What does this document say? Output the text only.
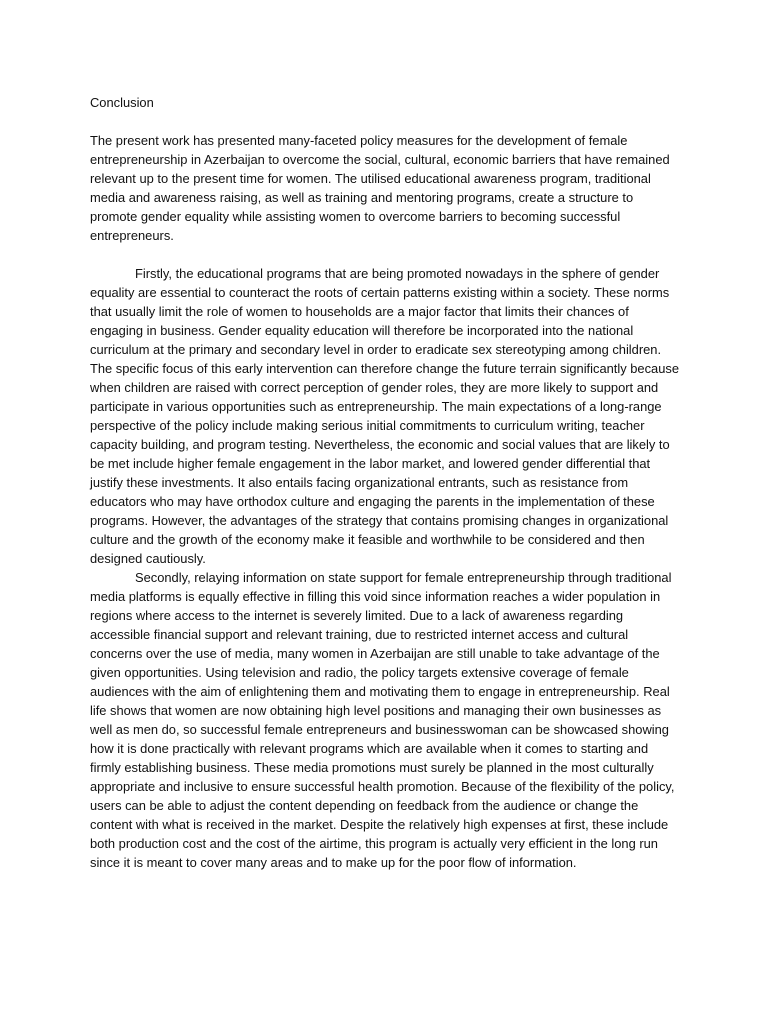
Conclusion

The present work has presented many-faceted policy measures for the development of female entrepreneurship in Azerbaijan to overcome the social, cultural, economic barriers that have remained relevant up to the present time for women. The utilised educational awareness program, traditional media and awareness raising, as well as training and mentoring programs, create a structure to promote gender equality while assisting women to overcome barriers to becoming successful entrepreneurs.

Firstly, the educational programs that are being promoted nowadays in the sphere of gender equality are essential to counteract the roots of certain patterns existing within a society. These norms that usually limit the role of women to households are a major factor that limits their chances of engaging in business. Gender equality education will therefore be incorporated into the national curriculum at the primary and secondary level in order to eradicate sex stereotyping among children. The specific focus of this early intervention can therefore change the future terrain significantly because when children are raised with correct perception of gender roles, they are more likely to support and participate in various opportunities such as entrepreneurship. The main expectations of a long-range perspective of the policy include making serious initial commitments to curriculum writing, teacher capacity building, and program testing. Nevertheless, the economic and social values that are likely to be met include higher female engagement in the labor market, and lowered gender differential that justify these investments. It also entails facing organizational entrants, such as resistance from educators who may have orthodox culture and engaging the parents in the implementation of these programs. However, the advantages of the strategy that contains promising changes in organizational culture and the growth of the economy make it feasible and worthwhile to be considered and then designed cautiously.

Secondly, relaying information on state support for female entrepreneurship through traditional media platforms is equally effective in filling this void since information reaches a wider population in regions where access to the internet is severely limited. Due to a lack of awareness regarding accessible financial support and relevant training, due to restricted internet access and cultural concerns over the use of media, many women in Azerbaijan are still unable to take advantage of the given opportunities. Using television and radio, the policy targets extensive coverage of female audiences with the aim of enlightening them and motivating them to engage in entrepreneurship. Real life shows that women are now obtaining high level positions and managing their own businesses as well as men do, so successful female entrepreneurs and businesswoman can be showcased showing how it is done practically with relevant programs which are available when it comes to starting and firmly establishing business. These media promotions must surely be planned in the most culturally appropriate and inclusive to ensure successful health promotion. Because of the flexibility of the policy, users can be able to adjust the content depending on feedback from the audience or change the content with what is received in the market. Despite the relatively high expenses at first, these include both production cost and the cost of the airtime, this program is actually very efficient in the long run since it is meant to cover many areas and to make up for the poor flow of information.
